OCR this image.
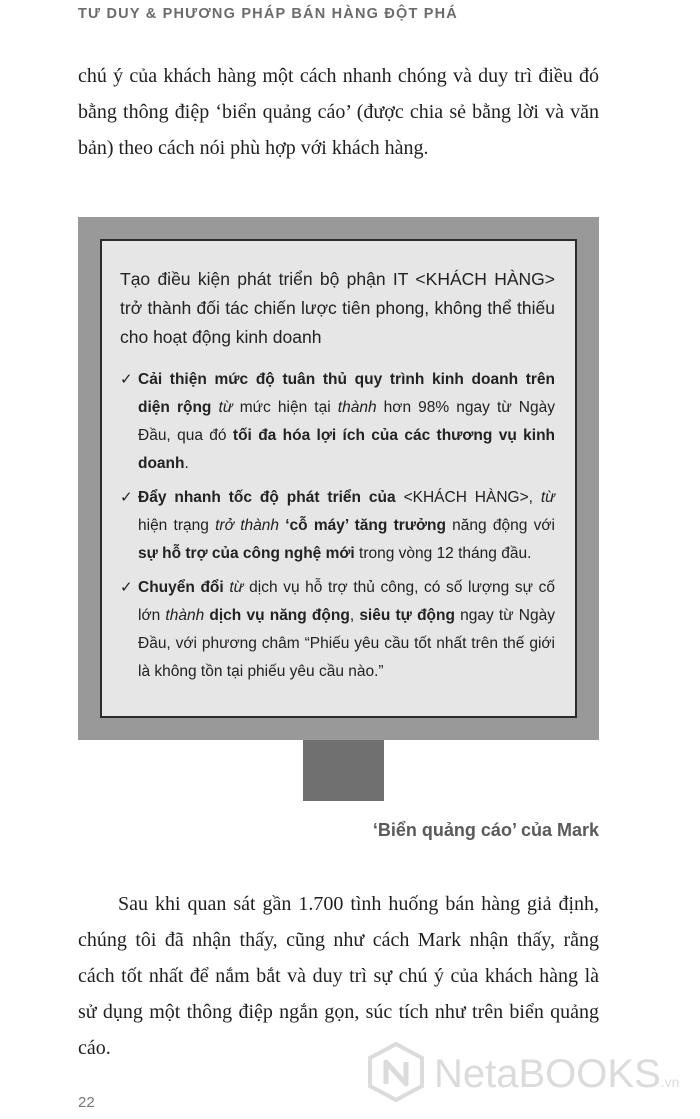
TƯ DUY & PHƯƠNG PHÁP BÁN HÀNG ĐỘT PHÁ

chú ý của khách hàng một cách nhanh chóng và duy trì điều đó bằng thông điệp ‘biển quảng cáo’ (được chia sẻ bằng lời và văn bản) theo cách nói phù hợp với khách hàng.

Tạo điều kiện phát triển bộ phận IT <KHÁCH HÀNG> trở thành đối tác chiến lược tiên phong, không thể thiếu cho hoạt động kinh doanh

✓ Cải thiện mức độ tuân thủ quy trình kinh doanh trên diện rộng từ mức hiện tại thành hơn 98% ngay từ Ngày Đầu, qua đó tối đa hóa lợi ích của các thương vụ kinh doanh.

✓ Đẩy nhanh tốc độ phát triển của <KHÁCH HÀNG>, từ hiện trạng trở thành ‘cỗ máy’ tăng trưởng năng động với sự hỗ trợ của công nghệ mới trong vòng 12 tháng đầu.

✓ Chuyển đổi từ dịch vụ hỗ trợ thủ công, có số lượng sự cố lớn thành dịch vụ năng động, siêu tự động ngay từ Ngày Đầu, với phương châm “Phiếu yêu cầu tốt nhất trên thế giới là không tồn tại phiếu yêu cầu nào.”

‘Biển quảng cáo’ của Mark

Sau khi quan sát gần 1.700 tình huống bán hàng giả định, chúng tôi đã nhận thấy, cũng như cách Mark nhận thấy, rằng cách tốt nhất để nắm bắt và duy trì sự chú ý của khách hàng là sử dụng một thông điệp ngắn gọn, súc tích như trên biển quảng cáo.

22
NetaBOOKS.vn
